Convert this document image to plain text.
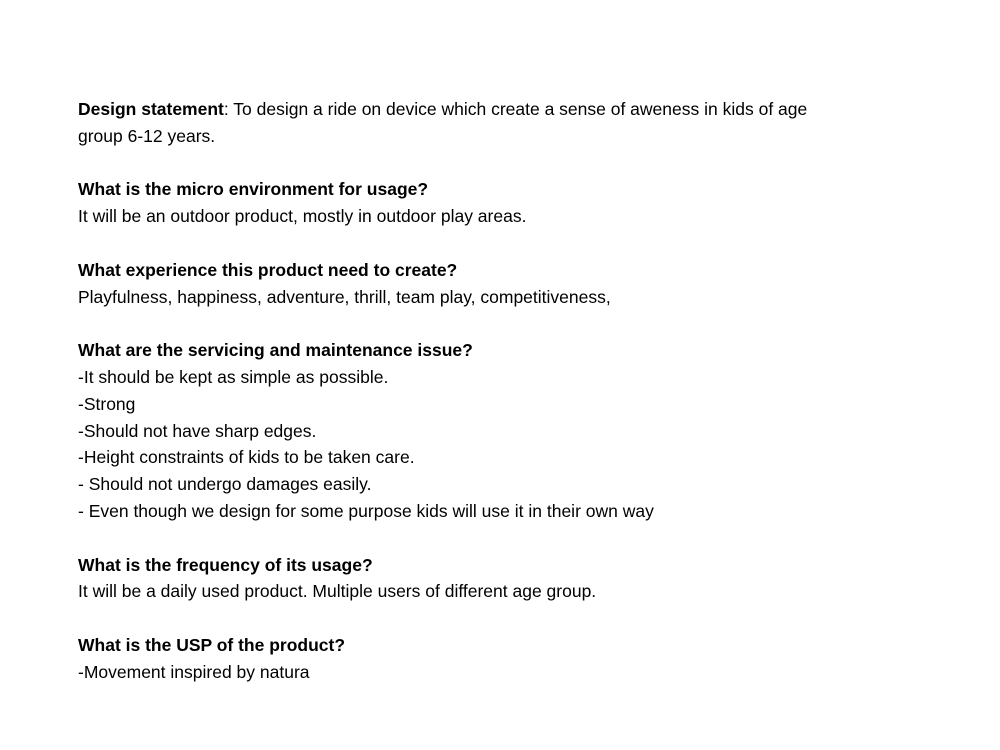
Design statement: To design a ride on device which create a sense of aweness in kids of age
group 6-12 years.
What is the micro environment for usage?
It will be an outdoor product, mostly in outdoor play areas.
What experience this product need to create?
Playfulness, happiness, adventure, thrill, team play, competitiveness,
What are the servicing and maintenance issue?
-It should be kept as simple as possible.
-Strong
-Should not have sharp edges.
-Height constraints of kids to be taken care.
- Should not undergo damages easily.
- Even though we design for some purpose kids will use it in their own way
What is the frequency of its usage?
It will be a daily used product. Multiple users of different age group.
What is the USP of the product?
-Movement inspired by natura
